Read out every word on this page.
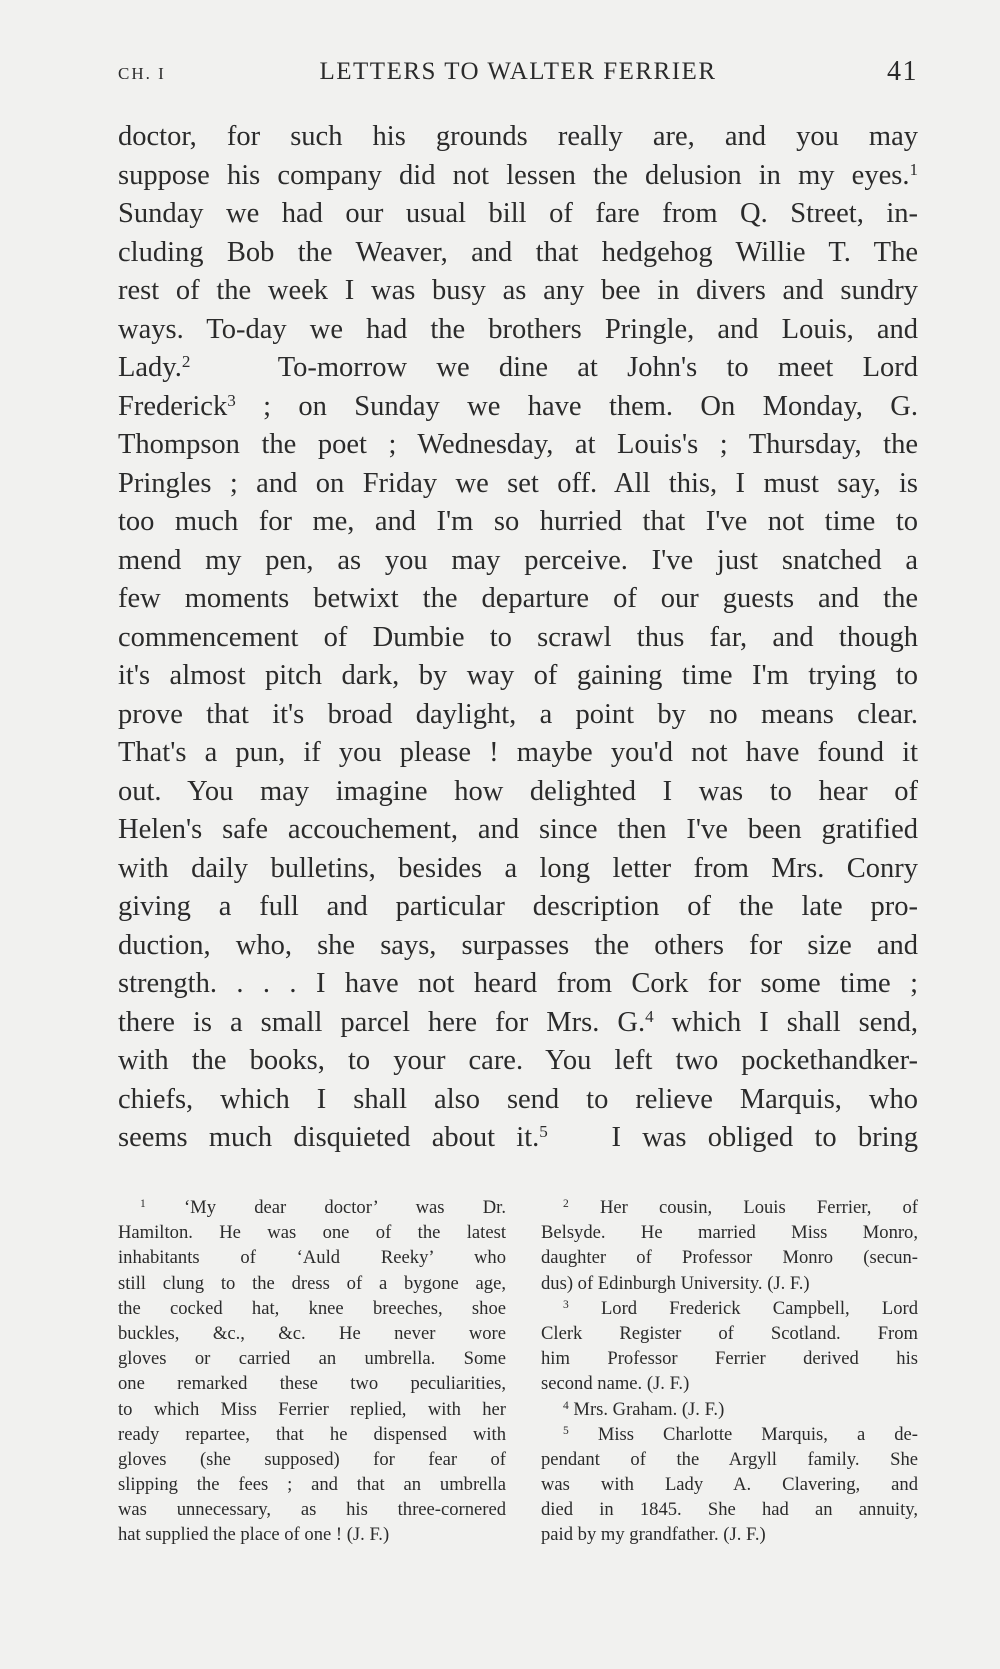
CH. I	LETTERS TO WALTER FERRIER	41
doctor, for such his grounds really are, and you may
suppose his company did not lessen the delusion in my eyes.$^1$
Sunday we had our usual bill of fare from Q. Street, in-
cluding Bob the Weaver, and that hedgehog Willie T. The
rest of the week I was busy as any bee in divers and sundry
ways. To-day we had the brothers Pringle, and Louis, and
Lady.$^2$	To-morrow we dine at John's to meet Lord
Frederick$^3$ ; on Sunday we have them. On Monday, G.
Thompson the poet ; Wednesday, at Louis's ; Thursday, the
Pringles ; and on Friday we set off. All this, I must say, is
too much for me, and I'm so hurried that I've not time to
mend my pen, as you may perceive. I've just snatched a
few moments betwixt the departure of our guests and the
commencement of Dumbie to scrawl thus far, and though
it's almost pitch dark, by way of gaining time I'm trying to
prove that it's broad daylight, a point by no means clear.
That's a pun, if you please ! maybe you'd not have found it
out. You may imagine how delighted I was to hear of
Helen's safe accouchement, and since then I've been gratified
with daily bulletins, besides a long letter from Mrs. Conry
giving a full and particular description of the late pro-
duction, who, she says, surpasses the others for size and
strength. . . . I have not heard from Cork for some time ;
there is a small parcel here for Mrs. G.$^4$ which I shall send,
with the books, to your care. You left two pockethandker-
chiefs, which I shall also send to relieve Marquis, who
seems much disquieted about it.$^5$ I was obliged to bring
$^1$ ‘My dear doctor’ was Dr.
Hamilton. He was one of the latest
inhabitants of ‘Auld Reeky’ who
still clung to the dress of a bygone age,
the cocked hat, knee breeches, shoe
buckles, &c., &c. He never wore
gloves or carried an umbrella. Some
one remarked these two peculiarities,
to which Miss Ferrier replied, with her
ready repartee, that he dispensed with
gloves (she supposed) for fear of
slipping the fees ; and that an umbrella
was unnecessary, as his three-cornered
hat supplied the place of one ! (J. F.)
$^2$ Her cousin, Louis Ferrier, of
Belsyde. He married Miss Monro,
daughter of Professor Monro (secun-
dus) of Edinburgh University. (J. F.)
$^3$ Lord Frederick Campbell, Lord
Clerk Register of Scotland. From
him Professor Ferrier derived his
second name. (J. F.)
$^4$ Mrs. Graham. (J. F.)
$^5$ Miss Charlotte Marquis, a de-
pendant of the Argyll family. She
was with Lady A. Clavering, and
died in 1845. She had an annuity,
paid by my grandfather. (J. F.)
